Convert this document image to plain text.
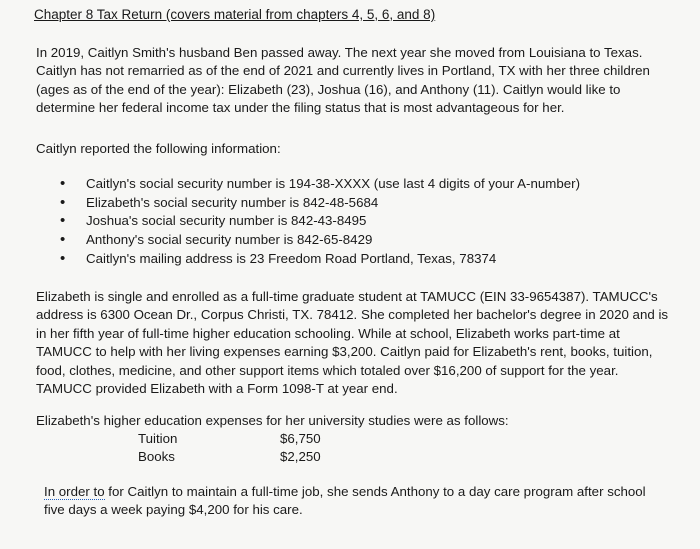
Chapter 8 Tax Return (covers material from chapters 4, 5, 6, and 8)
In 2019, Caitlyn Smith's husband Ben passed away. The next year she moved from Louisiana to Texas. Caitlyn has not remarried as of the end of 2021 and currently lives in Portland, TX with her three children (ages as of the end of the year): Elizabeth (23), Joshua (16), and Anthony (11). Caitlyn would like to determine her federal income tax under the filing status that is most advantageous for her.
Caitlyn reported the following information:
• Caitlyn's social security number is 194-38-XXXX (use last 4 digits of your A-number)
• Elizabeth's social security number is 842-48-5684
• Joshua's social security number is 842-43-8495
• Anthony's social security number is 842-65-8429
• Caitlyn's mailing address is 23 Freedom Road Portland, Texas, 78374
Elizabeth is single and enrolled as a full-time graduate student at TAMUCC (EIN 33-9654387). TAMUCC's address is 6300 Ocean Dr., Corpus Christi, TX. 78412. She completed her bachelor's degree in 2020 and is in her fifth year of full-time higher education schooling. While at school, Elizabeth works part-time at TAMUCC to help with her living expenses earning $3,200. Caitlyn paid for Elizabeth's rent, books, tuition, food, clothes, medicine, and other support items which totaled over $16,200 of support for the year. TAMUCC provided Elizabeth with a Form 1098-T at year end.
Elizabeth's higher education expenses for her university studies were as follows:
Tuition	$6,750
Books	$2,250
In order to for Caitlyn to maintain a full-time job, she sends Anthony to a day care program after school five days a week paying $4,200 for his care.
